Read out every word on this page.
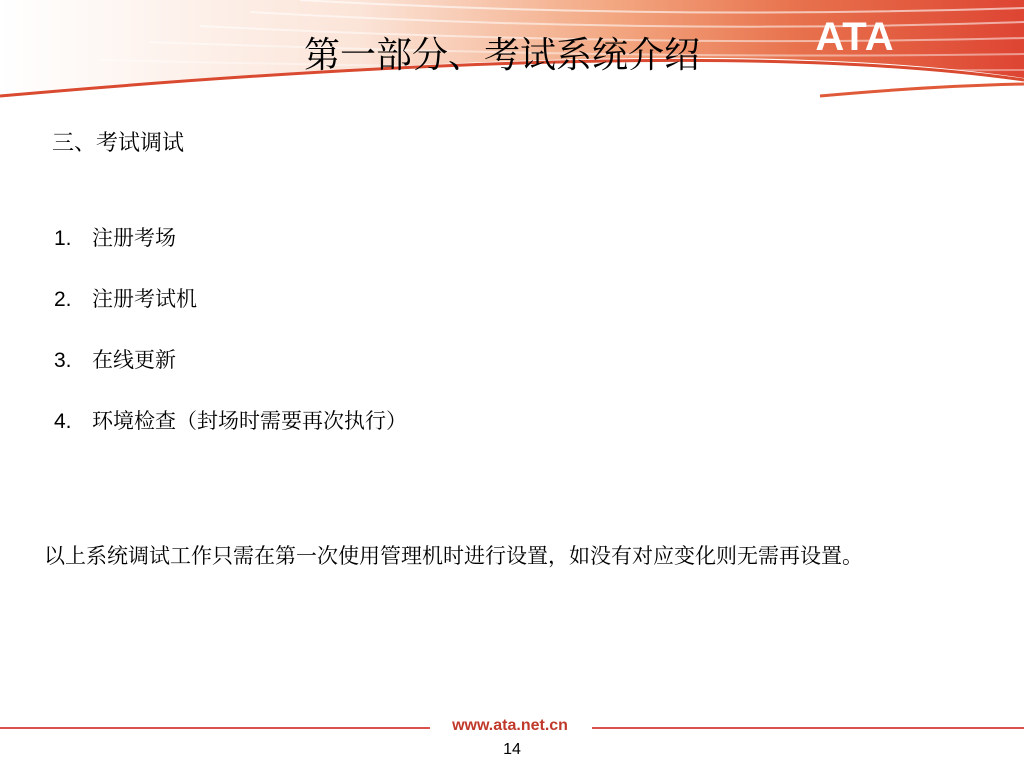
ATA
第一部分、考试系统介绍
三、考试调试
1. 注册考场
2. 注册考试机
3. 在线更新
4. 环境检查（封场时需要再次执行）
以上系统调试工作只需在第一次使用管理机时进行设置，如没有对应变化则无需再设置。
www.ata.net.cn
14
